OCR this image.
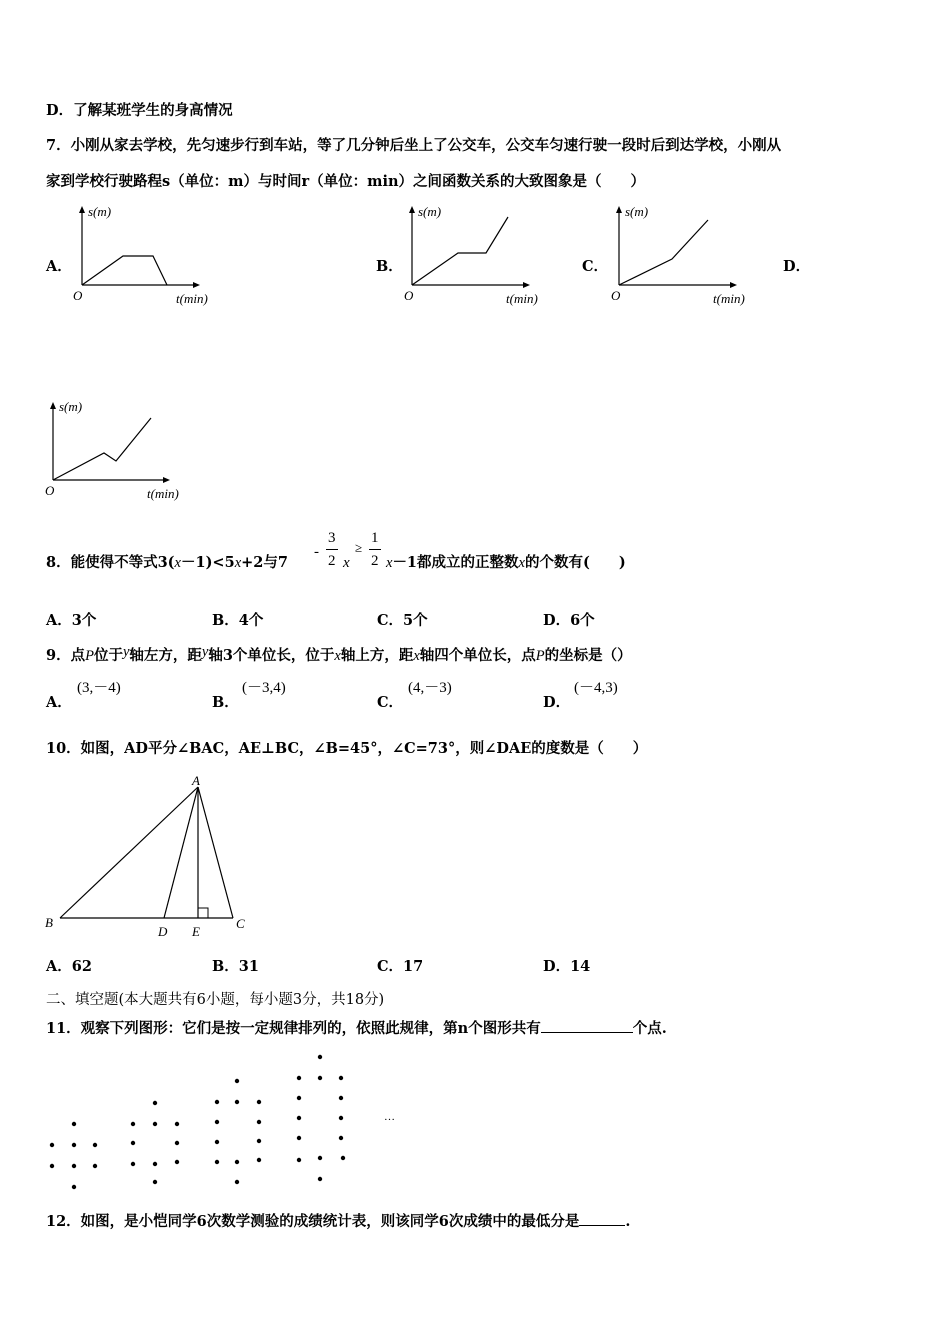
D．了解某班学生的身高情况
7．小刚从家去学校，先匀速步行到车站，等了几分钟后坐上了公交车，公交车匀速行驶一段时后到达学校，小刚从
家到学校行驶路程s（单位：m）与时间r（单位：min）之间函数关系的大致图象是（　　）
A．
s(m)
O	t(min)
B．
s(m)
O	t(min)
C．
s(m)
O	t(min)
D．
s(m)
O	t(min)
8．能使得不等式3(x－1)<5x+2与7
-
3
2 x
≥
1
2 x－1都成立的正整数x的个数有(　　)
A．3个	B．4个	C．5个	D．6个
9．点P位于y轴左方，距y轴3个单位长，位于x轴上方，距x轴四个单位长，点P的坐标是（）
A．
(3,－4)
B．
(－3,4)
C．
(4,－3)
D．
(－4,3)
10．如图，AD平分∠BAC，AE⊥BC，∠B=45°，∠C=73°，则∠DAE的度数是（　　）
A
B	C
D E
A．62	B．31	C．17	D．14
二、填空题(本大题共有6小题，每小题3分，共18分)
11．观察下列图形：它们是按一定规律排列的，依照此规律，第n个图形共有	个点.
…
12．如图，是小恺同学6次数学测验的成绩统计表，则该同学6次成绩中的最低分是	.
